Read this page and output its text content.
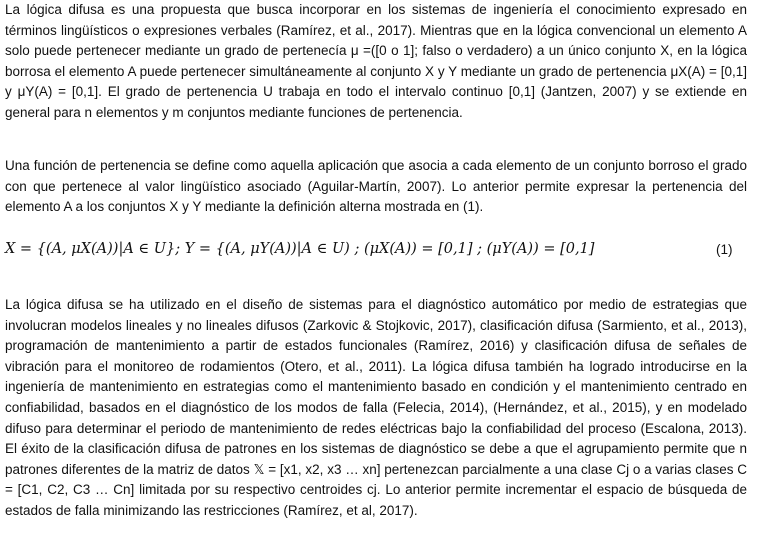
La lógica difusa es una propuesta que busca incorporar en los sistemas de ingeniería el conocimiento expresado en términos lingüísticos o expresiones verbales (Ramírez, et al., 2017). Mientras que en la lógica convencional un elemento A solo puede pertenecer mediante un grado de pertenecía μ =([0 o 1]; falso o verdadero) a un único conjunto X, en la lógica borrosa el elemento A puede pertenecer simultáneamente al conjunto X y Y mediante un grado de pertenencia μX(A) = [0,1] y μY(A) = [0,1]. El grado de pertenencia U trabaja en todo el intervalo continuo [0,1] (Jantzen, 2007) y se extiende en general para n elementos y m conjuntos mediante funciones de pertenencia.

Una función de pertenencia se define como aquella aplicación que asocia a cada elemento de un conjunto borroso el grado con que pertenece al valor lingüístico asociado (Aguilar-Martín, 2007). Lo anterior permite expresar la pertenencia del elemento A a los conjuntos X y Y mediante la definición alterna mostrada en (1).

X = {(A, μX(A))|A ∈ U}; Y = {(A, μY(A))|A ∈ U) ; (μX(A)) = [0,1] ; (μY(A)) = [0,1]	(1)

La lógica difusa se ha utilizado en el diseño de sistemas para el diagnóstico automático por medio de estrategias que involucran modelos lineales y no lineales difusos (Zarkovic & Stojkovic, 2017), clasificación difusa (Sarmiento, et al., 2013), programación de mantenimiento a partir de estados funcionales (Ramírez, 2016) y clasificación difusa de señales de vibración para el monitoreo de rodamientos (Otero, et al., 2011). La lógica difusa también ha logrado introducirse en la ingeniería de mantenimiento en estrategias como el mantenimiento basado en condición y el mantenimiento centrado en confiabilidad, basados en el diagnóstico de los modos de falla (Felecia, 2014), (Hernández, et al., 2015), y en modelado difuso para determinar el periodo de mantenimiento de redes eléctricas bajo la confiabilidad del proceso (Escalona, 2013). El éxito de la clasificación difusa de patrones en los sistemas de diagnóstico se debe a que el agrupamiento permite que n patrones diferentes de la matriz de datos 𝕏 = [x1, x2, x3 … xn] pertenezcan parcialmente a una clase Cj o a varias clases C = [C1, C2, C3 … Cn] limitada por su respectivo centroides cj. Lo anterior permite incrementar el espacio de búsqueda de estados de falla minimizando las restricciones (Ramírez, et al, 2017).
